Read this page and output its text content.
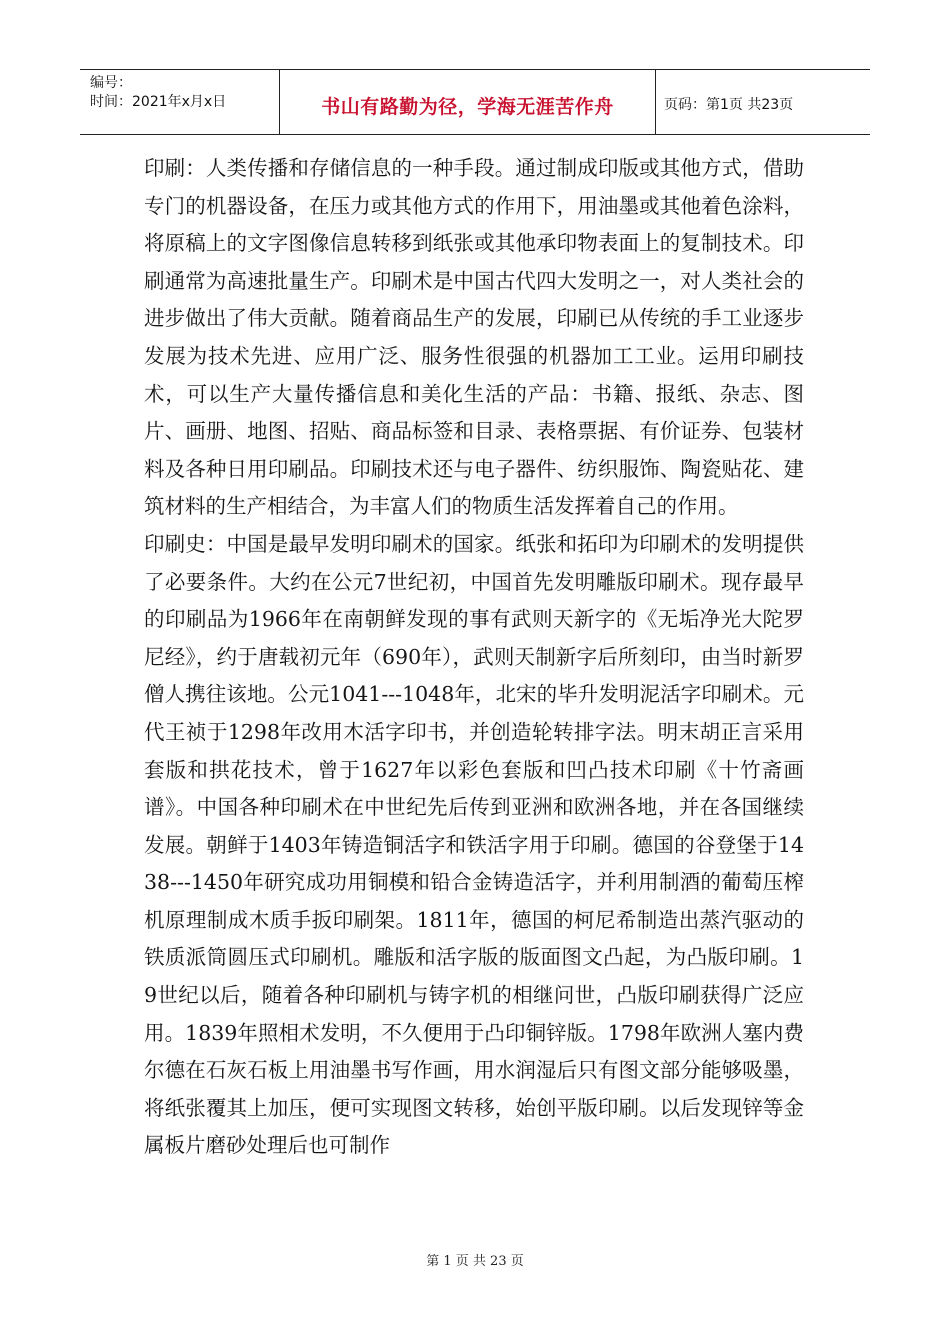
编号：
时间：2021年x月x日	书山有路勤为径，学海无涯苦作舟	页码：第1页 共23页

印刷：人类传播和存储信息的一种手段。通过制成印版或其他方式，借助专门的机器设备，在压力或其他方式的作用下，用油墨或其他着色涂料，将原稿上的文字图像信息转移到纸张或其他承印物表面上的复制技术。印刷通常为高速批量生产。印刷术是中国古代四大发明之一，对人类社会的进步做出了伟大贡献。随着商品生产的发展，印刷已从传统的手工业逐步发展为技术先进、应用广泛、服务性很强的机器加工工业。运用印刷技术，可以生产大量传播信息和美化生活的产品：书籍、报纸、杂志、图片、画册、地图、招贴、商品标签和目录、表格票据、有价证券、包装材料及各种日用印刷品。印刷技术还与电子器件、纺织服饰、陶瓷贴花、建筑材料的生产相结合，为丰富人们的物质生活发挥着自己的作用。

印刷史：中国是最早发明印刷术的国家。纸张和拓印为印刷术的发明提供了必要条件。大约在公元7世纪初，中国首先发明雕版印刷术。现存最早的印刷品为1966年在南朝鲜发现的事有武则天新字的《无垢净光大陀罗尼经》，约于唐载初元年（690年），武则天制新字后所刻印，由当时新罗僧人携往该地。公元1041---1048年，北宋的毕升发明泥活字印刷术。元代王祯于1298年改用木活字印书，并创造轮转排字法。明末胡正言采用套版和拱花技术，曾于1627年以彩色套版和凹凸技术印刷《十竹斋画谱》。中国各种印刷术在中世纪先后传到亚洲和欧洲各地，并在各国继续发展。朝鲜于1403年铸造铜活字和铁活字用于印刷。德国的谷登堡于1438---1450年研究成功用铜模和铅合金铸造活字，并利用制酒的葡萄压榨机原理制成木质手扳印刷架。1811年，德国的柯尼希制造出蒸汽驱动的铁质派筒圆压式印刷机。雕版和活字版的版面图文凸起，为凸版印刷。19世纪以后，随着各种印刷机与铸字机的相继问世，凸版印刷获得广泛应用。1839年照相术发明，不久便用于凸印铜锌版。1798年欧洲人塞内费尔德在石灰石板上用油墨书写作画，用水润湿后只有图文部分能够吸墨，将纸张覆其上加压，便可实现图文转移，始创平版印刷。以后发现锌等金属板片磨砂处理后也可制作

第 1 页 共 23 页
